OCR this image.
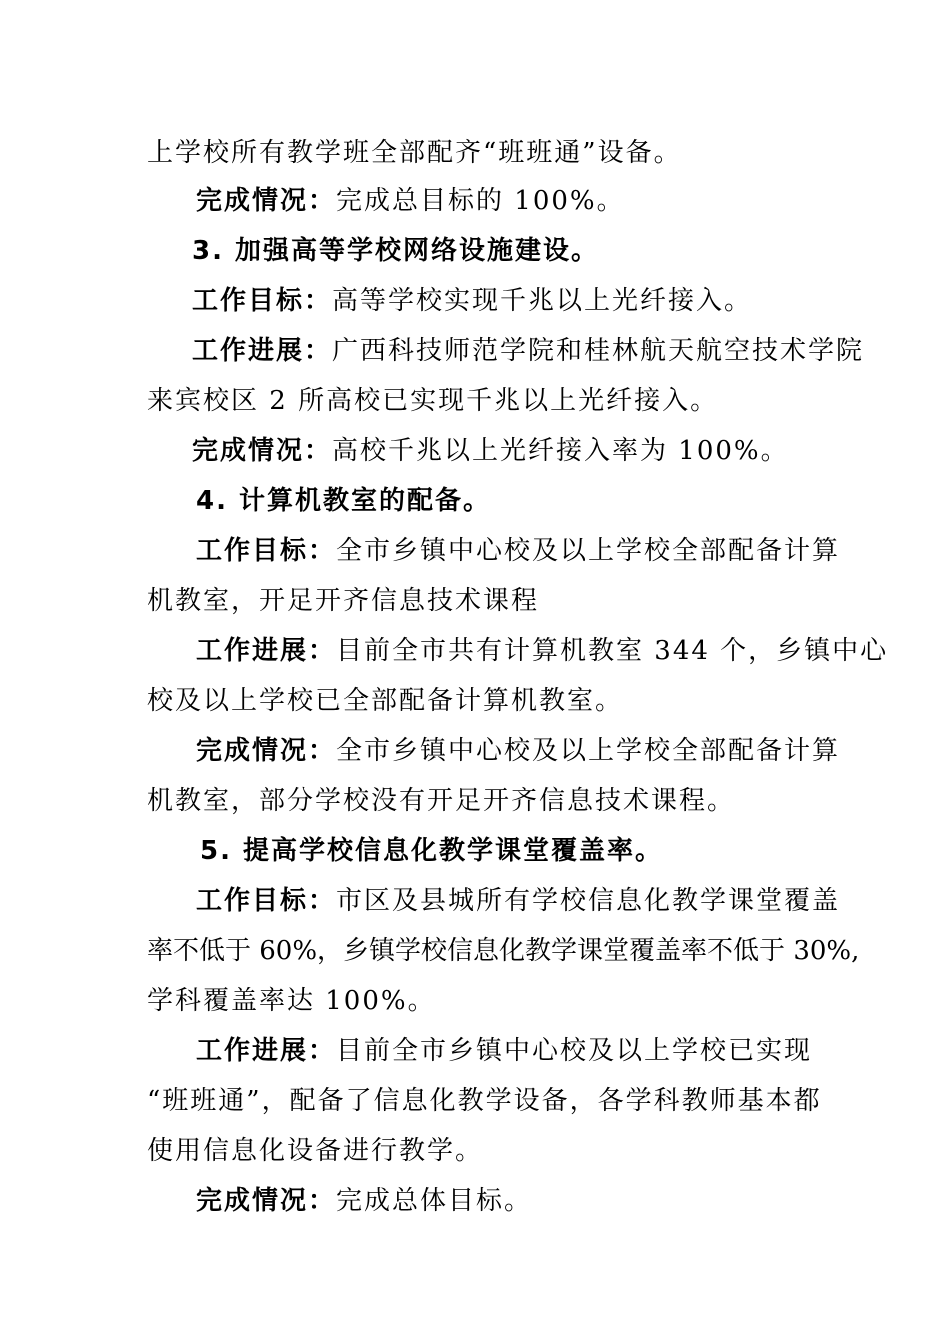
上学校所有教学班全部配齐“班班通”设备。
完成情况：完成总目标的 100%。
3. 加强高等学校网络设施建设。
工作目标：高等学校实现千兆以上光纤接入。
工作进展：广西科技师范学院和桂林航天航空技术学院
来宾校区 2 所高校已实现千兆以上光纤接入。
完成情况：高校千兆以上光纤接入率为 100%。
4. 计算机教室的配备。
工作目标：全市乡镇中心校及以上学校全部配备计算
机教室，开足开齐信息技术课程
工作进展：目前全市共有计算机教室 344 个，乡镇中心
校及以上学校已全部配备计算机教室。
完成情况：全市乡镇中心校及以上学校全部配备计算
机教室，部分学校没有开足开齐信息技术课程。
5. 提高学校信息化教学课堂覆盖率。
工作目标：市区及县城所有学校信息化教学课堂覆盖
率不低于 60%，乡镇学校信息化教学课堂覆盖率不低于 30%,
学科覆盖率达 100%。
工作进展：目前全市乡镇中心校及以上学校已实现
“班班通”，配备了信息化教学设备，各学科教师基本都
使用信息化设备进行教学。
完成情况：完成总体目标。
